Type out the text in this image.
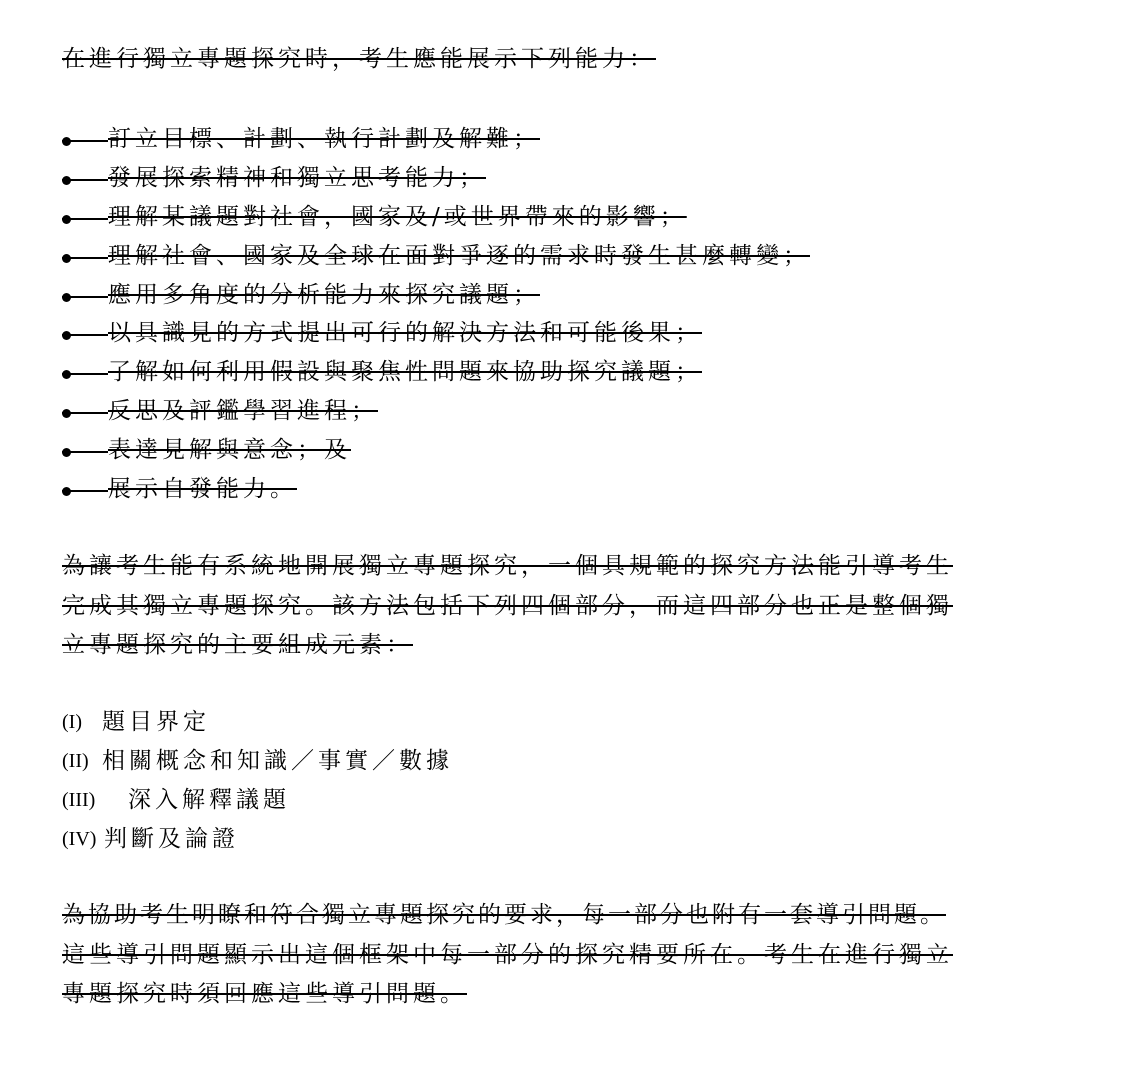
在進行獨立專題探究時，考生應能展示下列能力：
訂立目標、計劃、執行計劃及解難；
發展探索精神和獨立思考能力；
理解某議題對社會，國家及/或世界帶來的影響；
理解社會、國家及全球在面對爭逐的需求時發生甚麼轉變；
應用多角度的分析能力來探究議題；
以具識見的方式提出可行的解決方法和可能後果；
了解如何利用假設與聚焦性問題來協助探究議題；
反思及評鑑學習進程；
表達見解與意念；及
展示自發能力。
為讓考生能有系統地開展獨立專題探究，一個具規範的探究方法能引導考生
完成其獨立專題探究。該方法包括下列四個部分，而這四部分也正是整個獨
立專題探究的主要組成元素：
(I) 題目界定
(II) 相關概念和知識／事實／數據
(III) 深入解釋議題
(IV) 判斷及論證
為協助考生明瞭和符合獨立專題探究的要求，每一部分也附有一套導引問題。
這些導引問題顯示出這個框架中每一部分的探究精要所在。考生在進行獨立
專題探究時須回應這些導引問題。
